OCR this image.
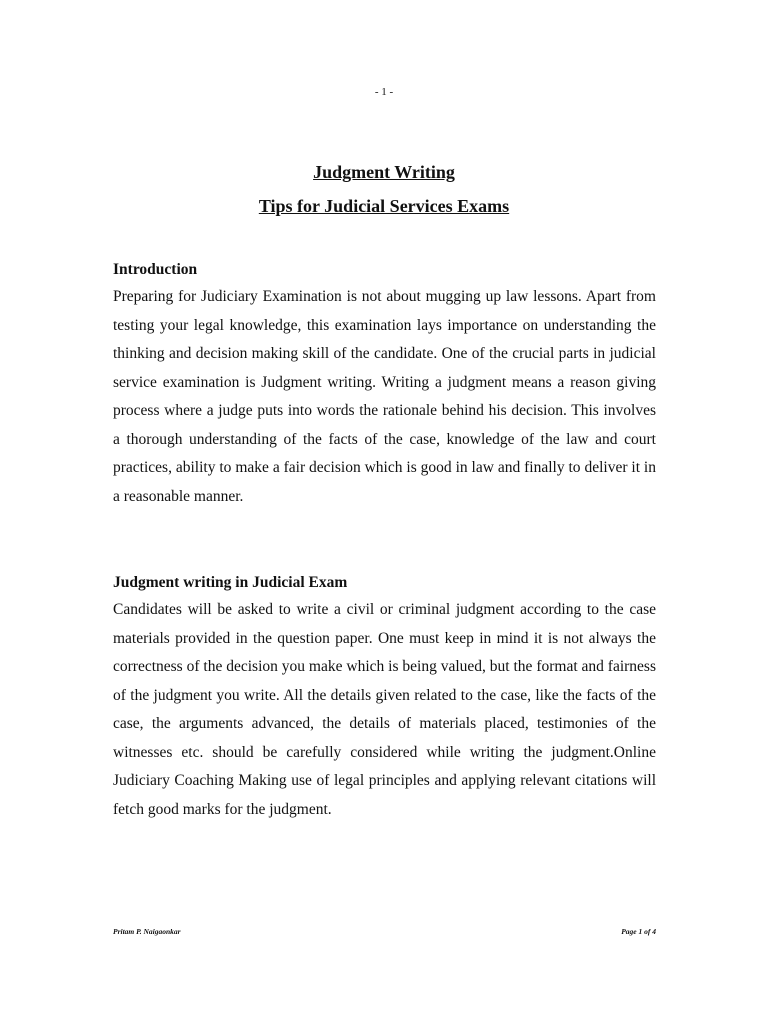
- 1 -

Judgment Writing

Tips for Judicial Services Exams

Introduction

Preparing for Judiciary Examination is not about mugging up law lessons. Apart from testing your legal knowledge, this examination lays importance on understanding the thinking and decision making skill of the candidate. One of the crucial parts in judicial service examination is Judgment writing. Writing a judgment means a reason giving process where a judge puts into words the rationale behind his decision. This involves a thorough understanding of the facts of the case, knowledge of the law and court practices, ability to make a fair decision which is good in law and finally to deliver it in a reasonable manner.

Judgment writing in Judicial Exam

Candidates will be asked to write a civil or criminal judgment according to the case materials provided in the question paper. One must keep in mind it is not always the correctness of the decision you make which is being valued, but the format and fairness of the judgment you write. All the details given related to the case, like the facts of the case, the arguments advanced, the details of materials placed, testimonies of the witnesses etc. should be carefully considered while writing the judgment.Online Judiciary Coaching Making use of legal principles and applying relevant citations will fetch good marks for the judgment.

Pritam P. Naigaonkar	Page 1 of 4
